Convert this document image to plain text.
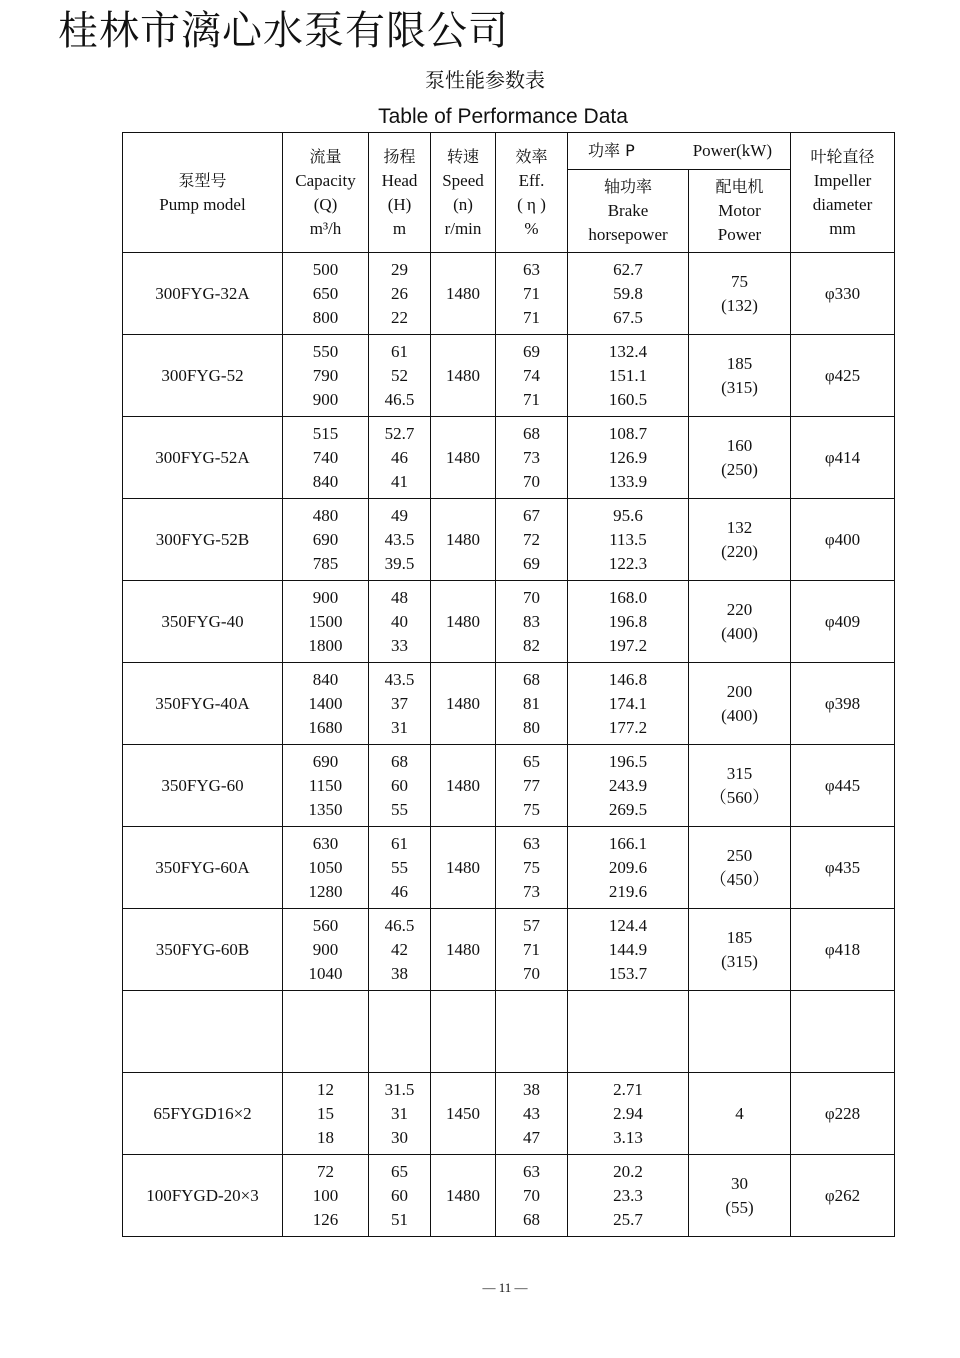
桂林市漓心水泵有限公司
泵性能参数表
Table of Performance Data
泵型号
Pump model	流量
Capacity
(Q)
m³/h	扬程
Head
(H)
m	转速
Speed
(n)
r/min	效率
Eff.
( η )
%	功率 P Power(kW)		叶轮直径
Impeller
diameter
mm

					轴功率
Brake
horsepower	配电机
Motor
Power	

300FYG-32A	500
650
800	29
26
22	1480	63
71
71	62.7
59.8
67.5	75
(132)	φ330
300FYG-52	550
790
900	61
52
46.5	1480	69
74
71	132.4
151.1
160.5	185
(315)	φ425
300FYG-52A	515
740
840	52.7
46
41	1480	68
73
70	108.7
126.9
133.9	160
(250)	φ414
300FYG-52B	480
690
785	49
43.5
39.5	1480	67
72
69	95.6
113.5
122.3	132
(220)	φ400
350FYG-40	900
1500
1800	48
40
33	1480	70
83
82	168.0
196.8
197.2	220
(400)	φ409
350FYG-40A	840
1400
1680	43.5
37
31	1480	68
81
80	146.8
174.1
177.2	200
(400)	φ398
350FYG-60	690
1150
1350	68
60
55	1480	65
77
75	196.5
243.9
269.5	315
（560）	φ445
350FYG-60A	630
1050
1280	61
55
46	1480	63
75
73	166.1
209.6
219.6	250
（450）	φ435
350FYG-60B	560
900
1040	46.5
42
38	1480	57
71
70	124.4
144.9
153.7	185
(315)	φ418

65FYGD16×2	12
15
18	31.5
31
30	1450	38
43
47	2.71
2.94
3.13	4	φ228
100FYGD-20×3	72
100
126	65
60
51	1480	63
70
68	20.2
23.3
25.7	30
(55)	φ262
— 11 —
